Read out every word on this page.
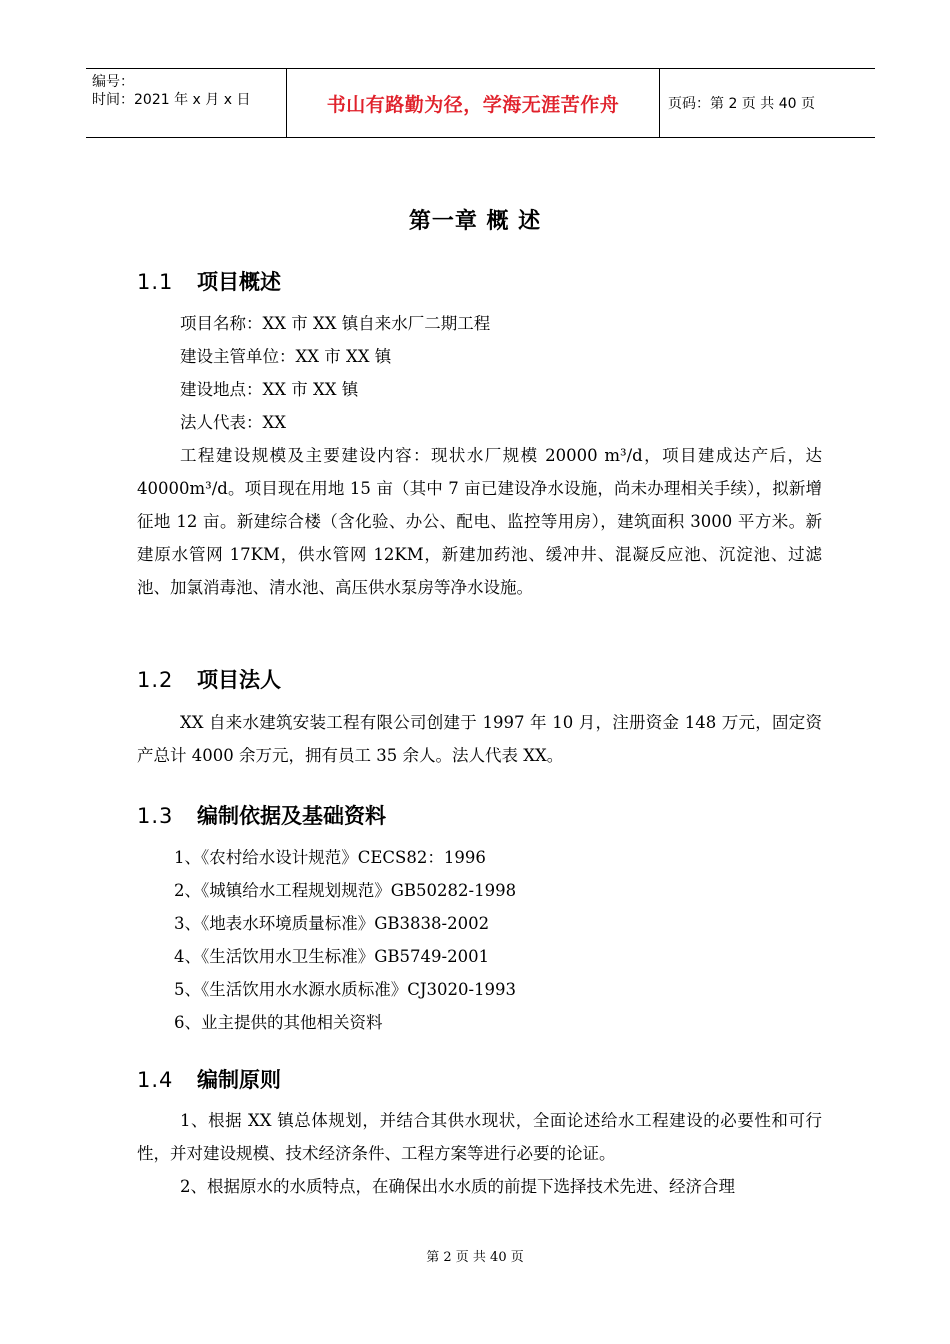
编号：
时间：2021 年 x 月 x 日	书山有路勤为径，学海无涯苦作舟	页码：第 2 页 共 40 页
第一章 概 述
1.1 项目概述
项目名称：XX 市 XX 镇自来水厂二期工程
建设主管单位：XX 市 XX 镇
建设地点：XX 市 XX 镇
法人代表：XX
工程建设规模及主要建设内容：现状水厂规模 20000 m³/d，项目建成达产后，达 40000m³/d。项目现在用地 15 亩（其中 7 亩已建设净水设施，尚未办理相关手续），拟新增征地 12 亩。新建综合楼（含化验、办公、配电、监控等用房），建筑面积 3000 平方米。新建原水管网 17KM，供水管网 12KM，新建加药池、缓冲井、混凝反应池、沉淀池、过滤池、加氯消毒池、清水池、高压供水泵房等净水设施。
1.2 项目法人
XX 自来水建筑安装工程有限公司创建于 1997 年 10 月，注册资金 148 万元，固定资产总计 4000 余万元，拥有员工 35 余人。法人代表 XX。
1.3 编制依据及基础资料
1、《农村给水设计规范》CECS82：1996
2、《城镇给水工程规划规范》GB50282-1998
3、《地表水环境质量标准》GB3838-2002
4、《生活饮用水卫生标准》GB5749-2001
5、《生活饮用水水源水质标准》CJ3020-1993
6、业主提供的其他相关资料
1.4 编制原则
1、根据 XX 镇总体规划，并结合其供水现状，全面论述给水工程建设的必要性和可行性，并对建设规模、技术经济条件、工程方案等进行必要的论证。
2、根据原水的水质特点，在确保出水水质的前提下选择技术先进、经济合理
第 2 页 共 40 页
